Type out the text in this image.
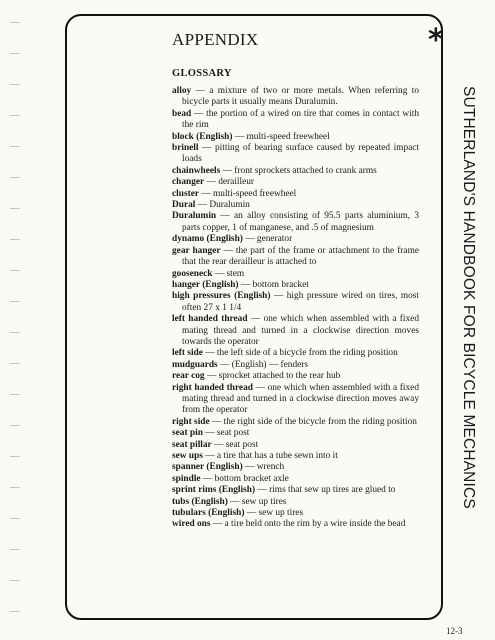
APPENDIX	*
GLOSSARY

alloy — a mixture of two or more metals. When referring to bicycle parts it usually means Duralumin.

bead — the portion of a wired on tire that comes in contact with the rim

block (English) — multi-speed freewheel

brinell — pitting of bearing surface caused by repeated impact loads

chainwheels — front sprockets attached to crank arms

changer — derailleur

cluster — multi-speed freewheel

Dural — Duralumin

Duralumin — an alloy consisting of 95.5 parts aluminium, 3 parts copper, 1 of manganese, and .5 of magnesium

dynamo (English) — generator

gear hanger — the part of the frame or attachment to the frame that the rear derailleur is attached to

gooseneck — stem

hanger (English) — bottom bracket

high pressures (English) — high pressure wired on tires, most often 27 x 1 1/4

left handed thread — one which when assembled with a fixed mating thread and turned in a clockwise direction moves towards the operator

left side — the left side of a bicycle from the riding position

mudguards — (English) — fenders

rear cog — sprocket attached to the rear hub

right handed thread — one which when assembled with a fixed mating thread and turned in a clockwise direction moves away from the operator

right side — the right side of the bicycle from the riding position

seat pin — seat post

seat pillar — seat post

sew ups — a tire that has a tube sewn into it

spanner (English) — wrench

spindle — bottom bracket axle

sprint rims (English) — rims that sew up tires are glued to

tubs (English) — sew up tires

tubulars (English) — sew up tires

wired ons — a tire held onto the rim by a wire inside the bead

SUTHERLAND'S HANDBOOK FOR BICYCLE MECHANICS
12-3
